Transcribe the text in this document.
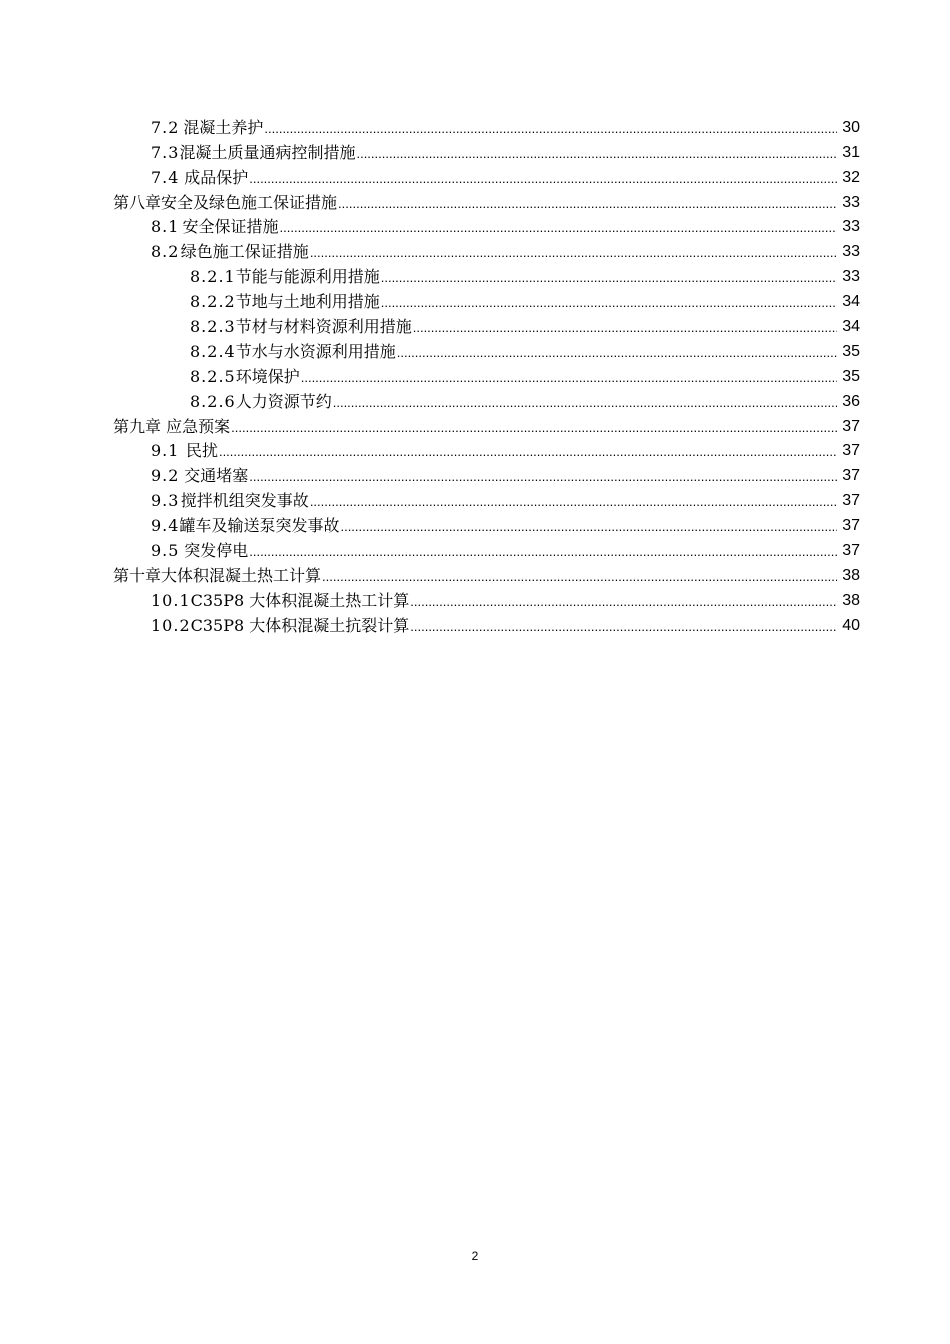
7.2 混凝土养护 .....	30
7.3 混凝土质量通病控制措施 .....	31
7.4 成品保护 .....	32
第八章 安全及绿色施工保证措施 .....	33
8.1 安全保证措施 .....	33
8.2 绿色施工保证措施 .....	33
8.2.1 节能与能源利用措施 .....	33
8.2.2 节地与土地利用措施 .....	34
8.2.3 节材与材料资源利用措施 .....	34
8.2.4 节水与水资源利用措施 .....	35
8.2.5 环境保护 .....	35
8.2.6 人力资源节约 .....	36
第九章 应急预案 .....	37
9.1 民扰 .....	37
9.2 交通堵塞 .....	37
9.3 搅拌机组突发事故 .....	37
9.4 罐车及输送泵突发事故 .....	37
9.5 突发停电 .....	37
第十章 大体积混凝土热工计算 .....	38
10.1 C35P8 大体积混凝土热工计算 .....	38
10.2 C35P8 大体积混凝土抗裂计算 .....	40
2
